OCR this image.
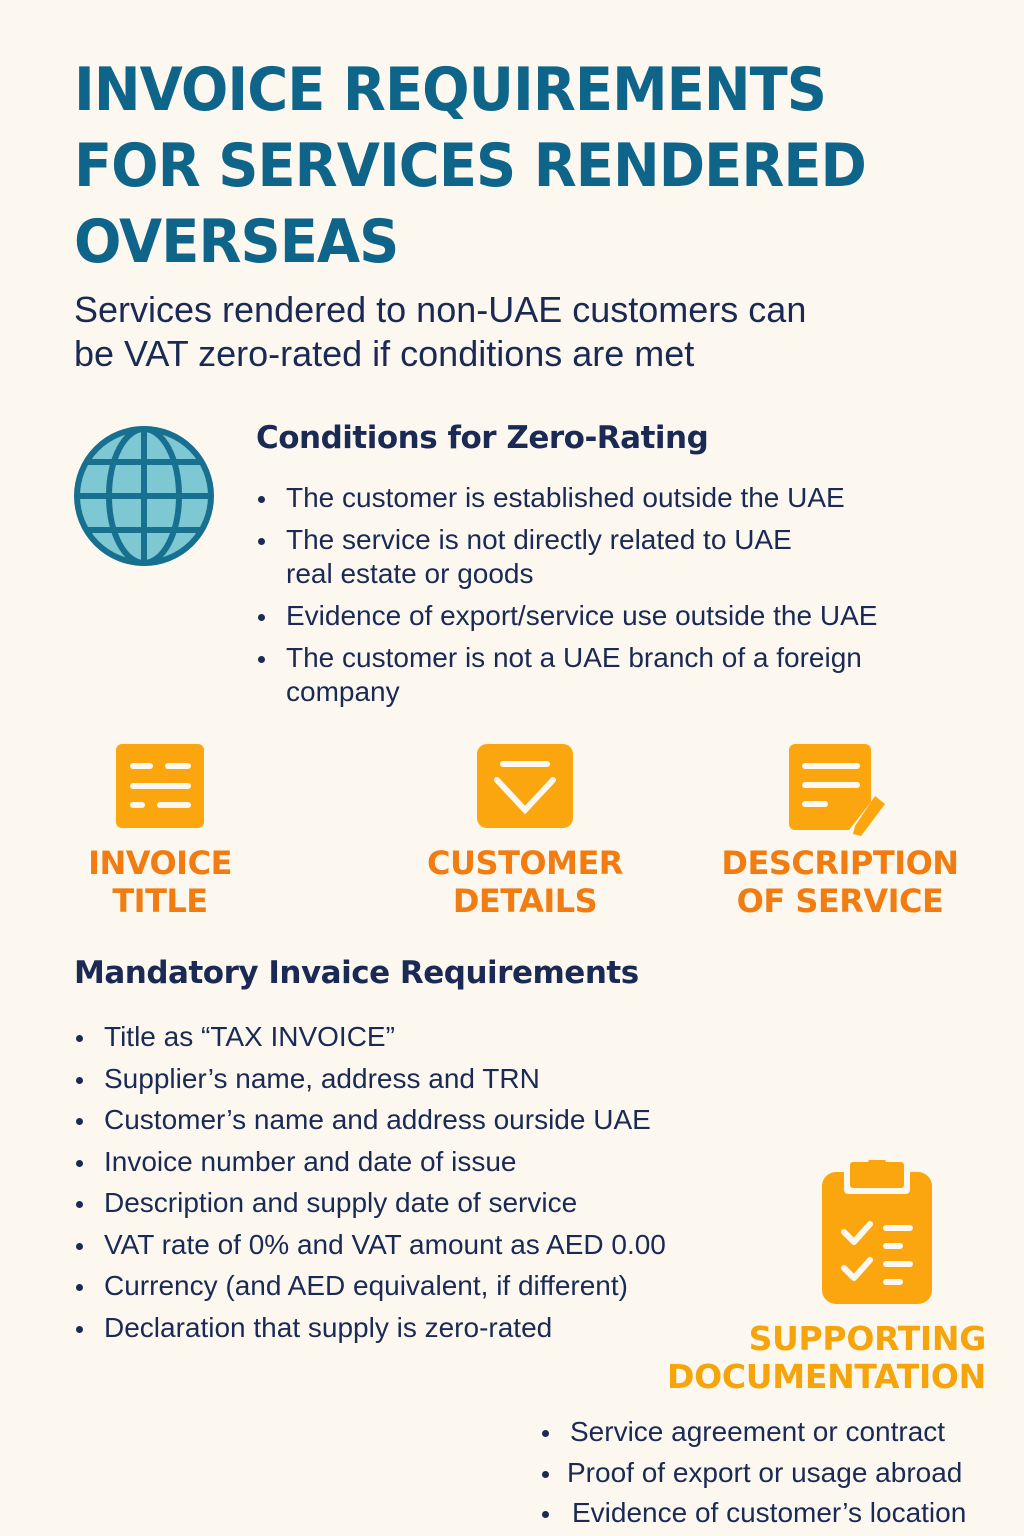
INVOICE REQUIREMENTS
FOR SERVICES RENDERED
OVERSEAS

Services rendered to non-UAE customers can
be VAT zero-rated if conditions are met

Conditions for Zero-Rating
The customer is established outside the UAE
The service is not directly related to UAE
real estate or goods
Evidence of export/service use outside the UAE
The customer is not a UAE branch of a foreign
company
INVOICE
TITLE
CUSTOMER
DETAILS
DESCRIPTION
OF SERVICE
Mandatory Invaice Requirements
Title as “TAX INVOICE”
Supplier’s name, address and TRN
Customer’s name and address ourside UAE
Invoice number and date of issue
Description and supply date of service
VAT rate of 0% and VAT amount as AED 0.00
Currency (and AED equivalent, if different)
Declaration that supply is zero-rated	SUPPORTING
DOCUMENTATION
Service agreement or contract
Proof of export or usage abroad
Evidence of customer’s location
